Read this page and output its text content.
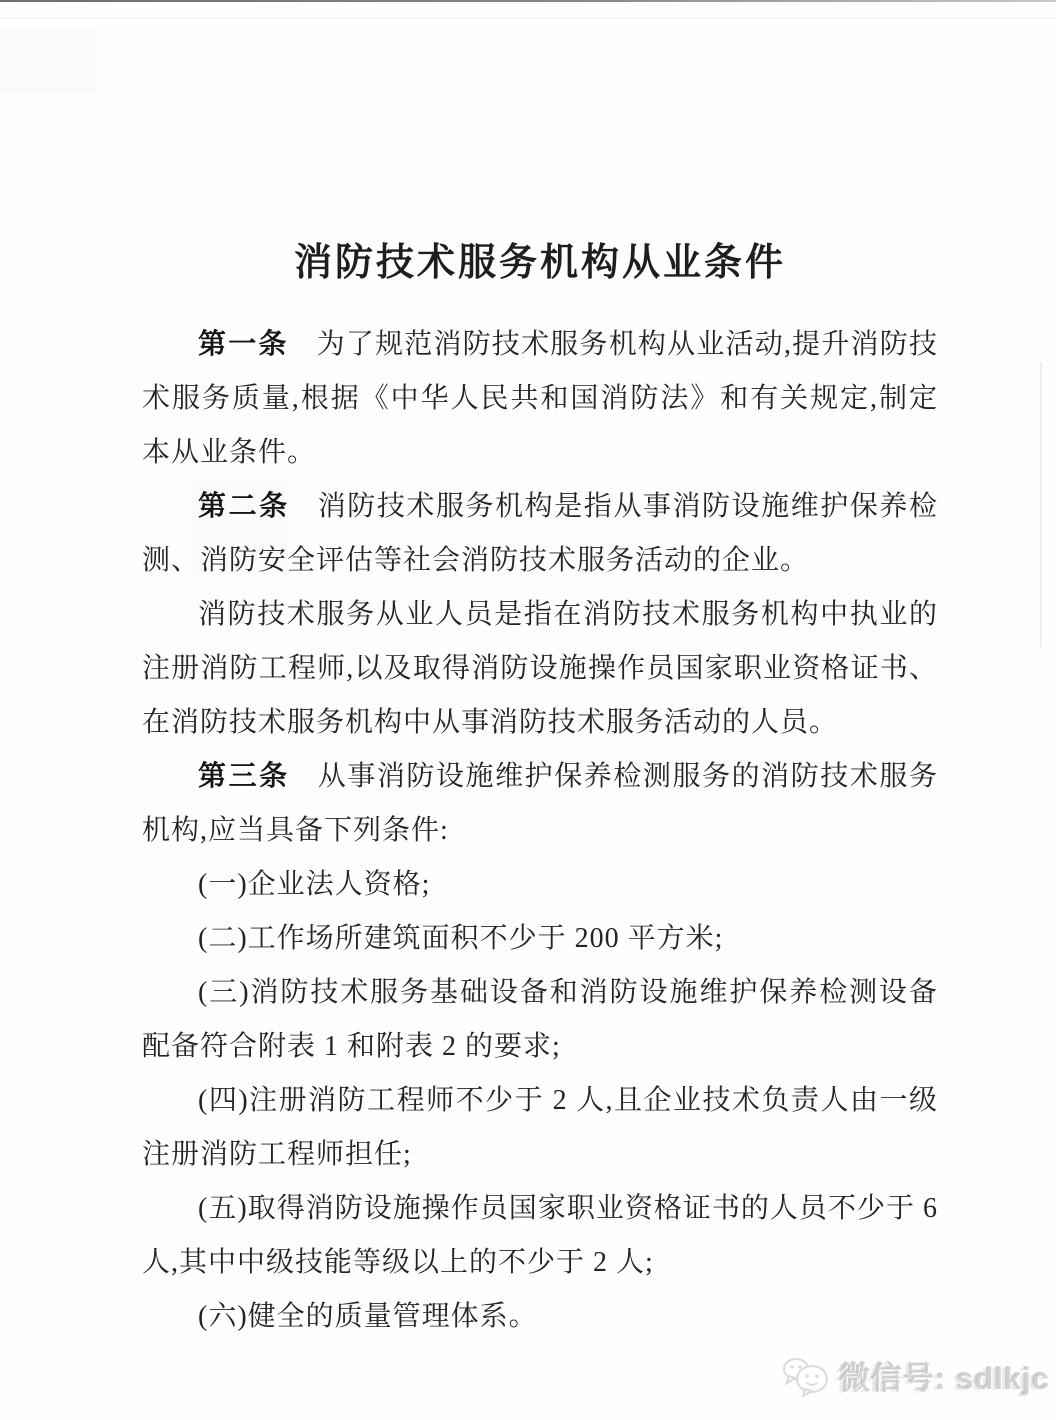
消防技术服务机构从业条件

第一条 为了规范消防技术服务机构从业活动,提升消防技术服务质量,根据《中华人民共和国消防法》和有关规定,制定本从业条件。

第二条 消防技术服务机构是指从事消防设施维护保养检测、消防安全评估等社会消防技术服务活动的企业。

消防技术服务从业人员是指在消防技术服务机构中执业的注册消防工程师,以及取得消防设施操作员国家职业资格证书、在消防技术服务机构中从事消防技术服务活动的人员。

第三条 从事消防设施维护保养检测服务的消防技术服务机构,应当具备下列条件:

(一)企业法人资格;

(二)工作场所建筑面积不少于 200 平方米;

(三)消防技术服务基础设备和消防设施维护保养检测设备配备符合附表 1 和附表 2 的要求;

(四)注册消防工程师不少于 2 人,且企业技术负责人由一级注册消防工程师担任;

(五)取得消防设施操作员国家职业资格证书的人员不少于 6 人,其中中级技能等级以上的不少于 2 人;

(六)健全的质量管理体系。

微信号: sdlkjc
